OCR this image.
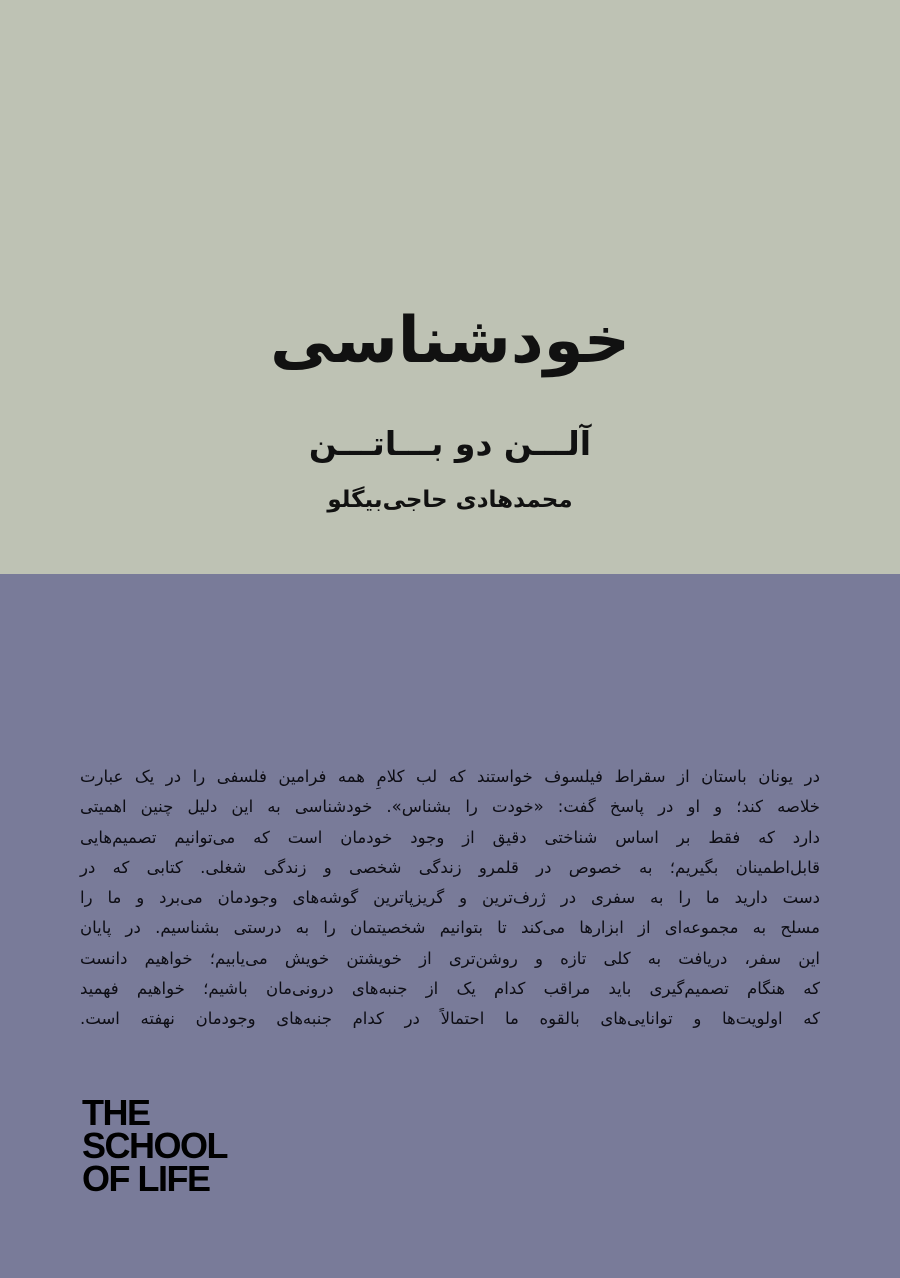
خودشناسی
آلـــن دو بـــاتـــن
محمدهادی حاجی‌بیگلو
در یونان باستان از سقراط فیلسوف خواستند که لب کلامِ همه فرامین فلسفی را در یک عبارت
خلاصه کند؛ و او در پاسخ گفت: «خودت را بشناس». خودشناسی به این دلیل چنین اهمیتی
دارد که فقط بر اساس شناختی دقیق از وجود خودمان است که می‌توانیم تصمیم‌هایی
قابل‌اطمینان بگیریم؛ به خصوص در قلمرو زندگی شخصی و زندگی شغلی. کتابی که در
دست دارید ما را به سفری در ژرف‌ترین و گریزپاترین گوشه‌های وجودمان می‌برد و ما را
مسلح به مجموعه‌ای از ابزارها می‌کند تا بتوانیم شخصیتمان را به درستی بشناسیم. در پایان
این سفر، دریافت به کلی تازه و روشن‌تری از خویشتن خویش می‌یابیم؛ خواهیم دانست
که هنگام تصمیم‌گیری باید مراقب کدام یک از جنبه‌های درونی‌مان باشیم؛ خواهیم فهمید
که اولویت‌ها و توانایی‌های بالقوه ما احتمالاً در کدام جنبه‌های وجودمان نهفته است.
THE
SCHOOL
OF LIFE
